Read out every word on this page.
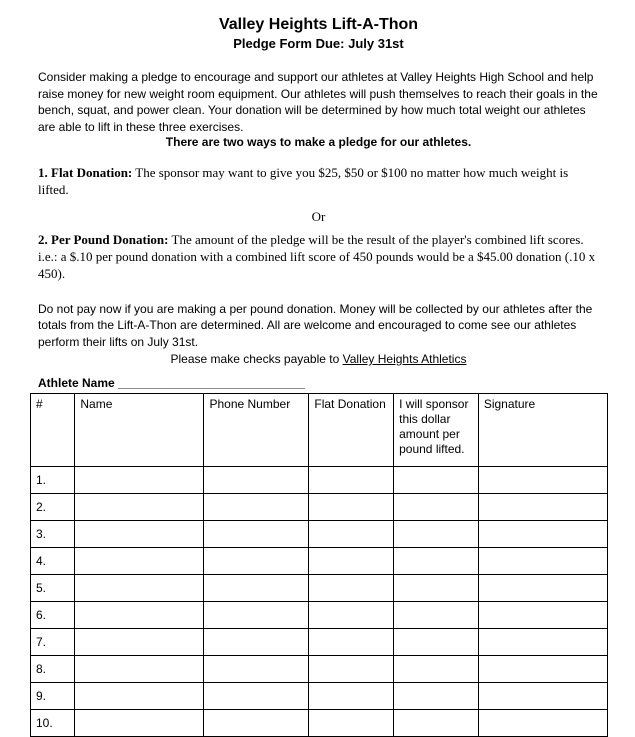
Valley Heights Lift-A-Thon
Pledge Form Due: July 31st

Consider making a pledge to encourage and support our athletes at Valley Heights High School and help raise money for new weight room equipment. Our athletes will push themselves to reach their goals in the bench, squat, and power clean. Your donation will be determined by how much total weight our athletes are able to lift in these three exercises.

There are two ways to make a pledge for our athletes.

1. Flat Donation: The sponsor may want to give you $25, $50 or $100 no matter how much weight is lifted.

Or

2. Per Pound Donation: The amount of the pledge will be the result of the player's combined lift scores. i.e.: a $.10 per pound donation with a combined lift score of 450 pounds would be a $45.00 donation (.10 x 450).

Do not pay now if you are making a per pound donation. Money will be collected by our athletes after the totals from the Lift-A-Thon are determined. All are welcome and encouraged to come see our athletes perform their lifts on July 31st.

Please make checks payable to Valley Heights Athletics

Athlete Name ____________________________

#	Name	Phone Number	Flat Donation	I will sponsor this dollar amount per pound lifted.	Signature
1.					
2.					
3.					
4.					
5.					
6.					
7.					
8.					
9.					
10.					
